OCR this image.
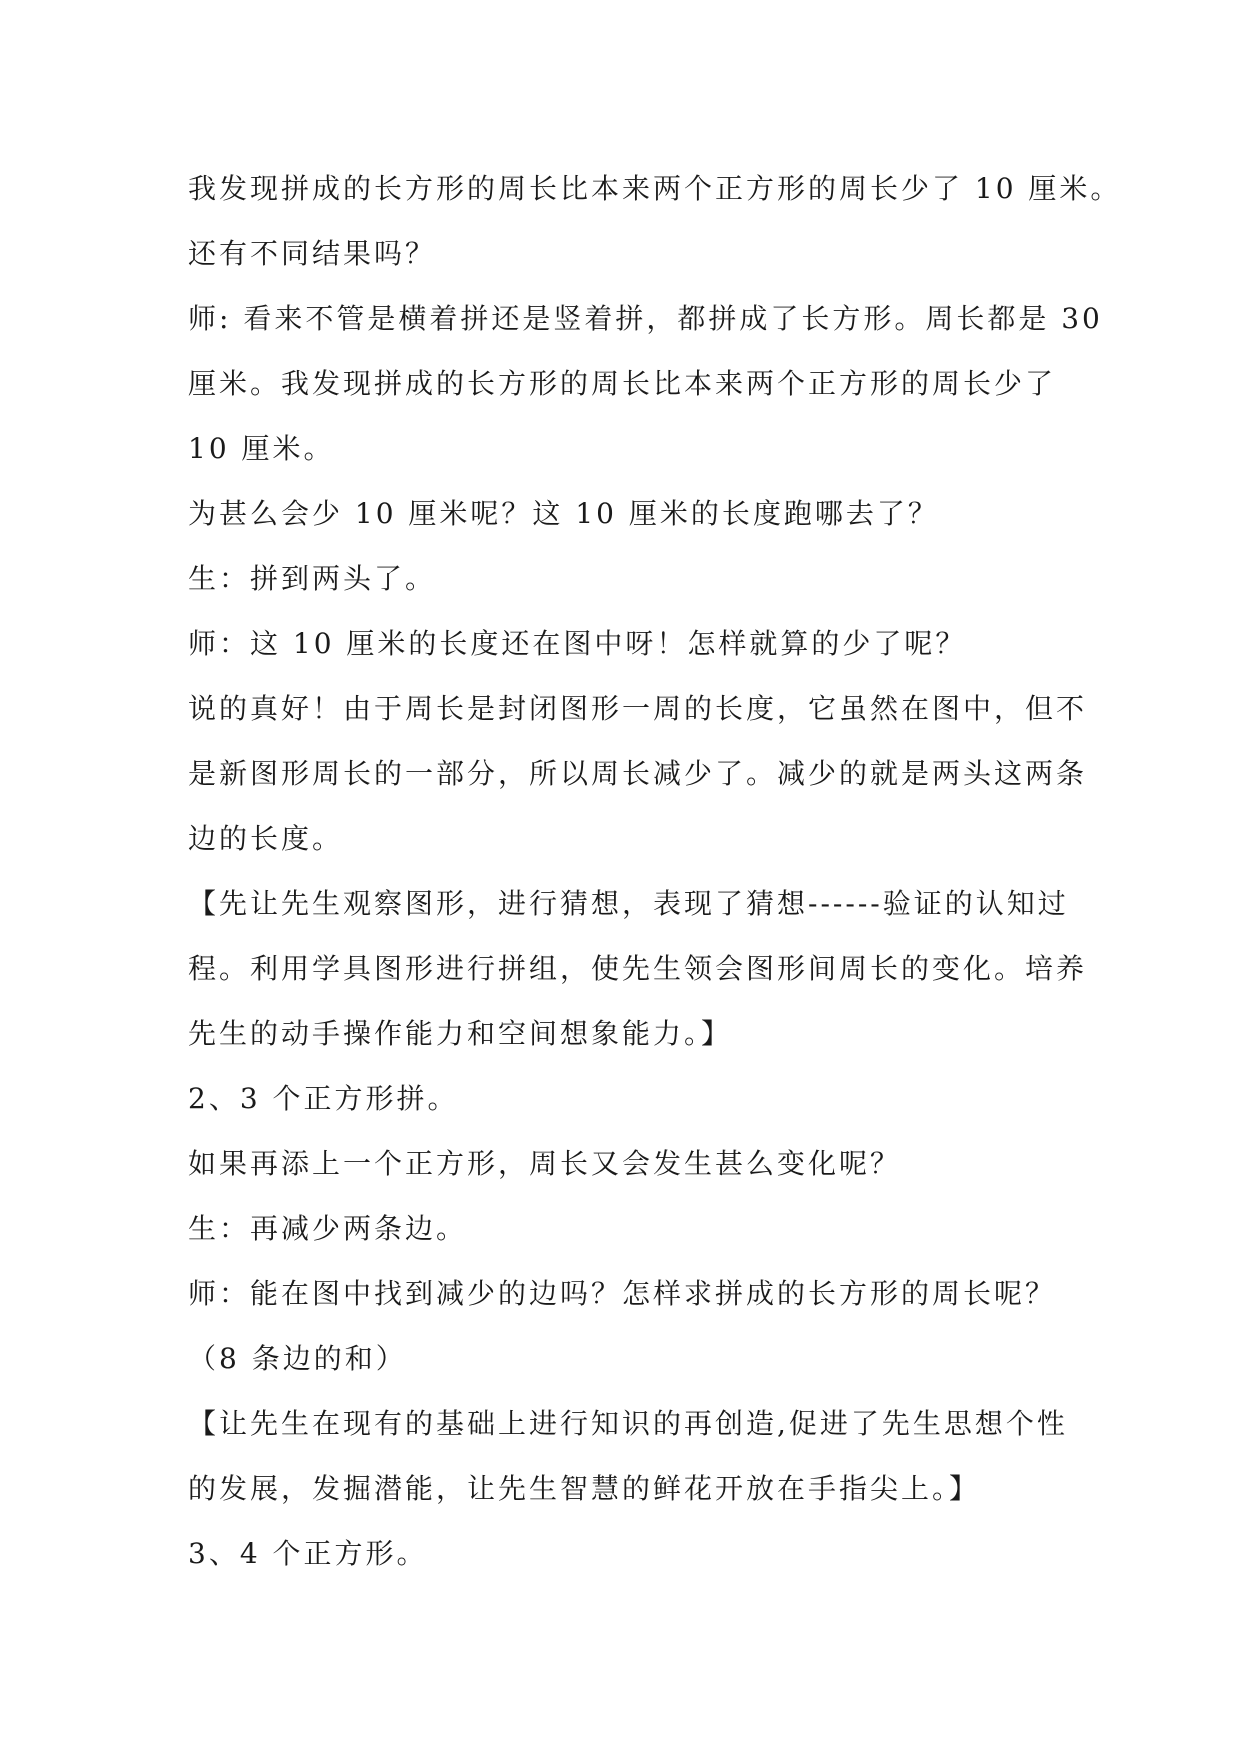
我发现拼成的长方形的周长比本来两个正方形的周长少了 10 厘米。
还有不同结果吗？
师: 看来不管是横着拼还是竖着拼，都拼成了长方形。周长都是 30
厘米。我发现拼成的长方形的周长比本来两个正方形的周长少了
10 厘米。
为甚么会少 10 厘米呢？这 10 厘米的长度跑哪去了？
生：拼到两头了。
师：这 10 厘米的长度还在图中呀！怎样就算的少了呢？
说的真好！由于周长是封闭图形一周的长度，它虽然在图中，但不
是新图形周长的一部分，所以周长减少了。减少的就是两头这两条
边的长度。
【先让先生观察图形，进行猜想，表现了猜想------验证的认知过
程。利用学具图形进行拼组，使先生领会图形间周长的变化。培养
先生的动手操作能力和空间想象能力。】
2、3 个正方形拼。
如果再添上一个正方形，周长又会发生甚么变化呢？
生：再减少两条边。
师：能在图中找到减少的边吗？怎样求拼成的长方形的周长呢？
（8 条边的和）
【让先生在现有的基础上进行知识的再创造,促进了先生思想个性
的发展，发掘潜能，让先生智慧的鲜花开放在手指尖上。】
3、4 个正方形。
